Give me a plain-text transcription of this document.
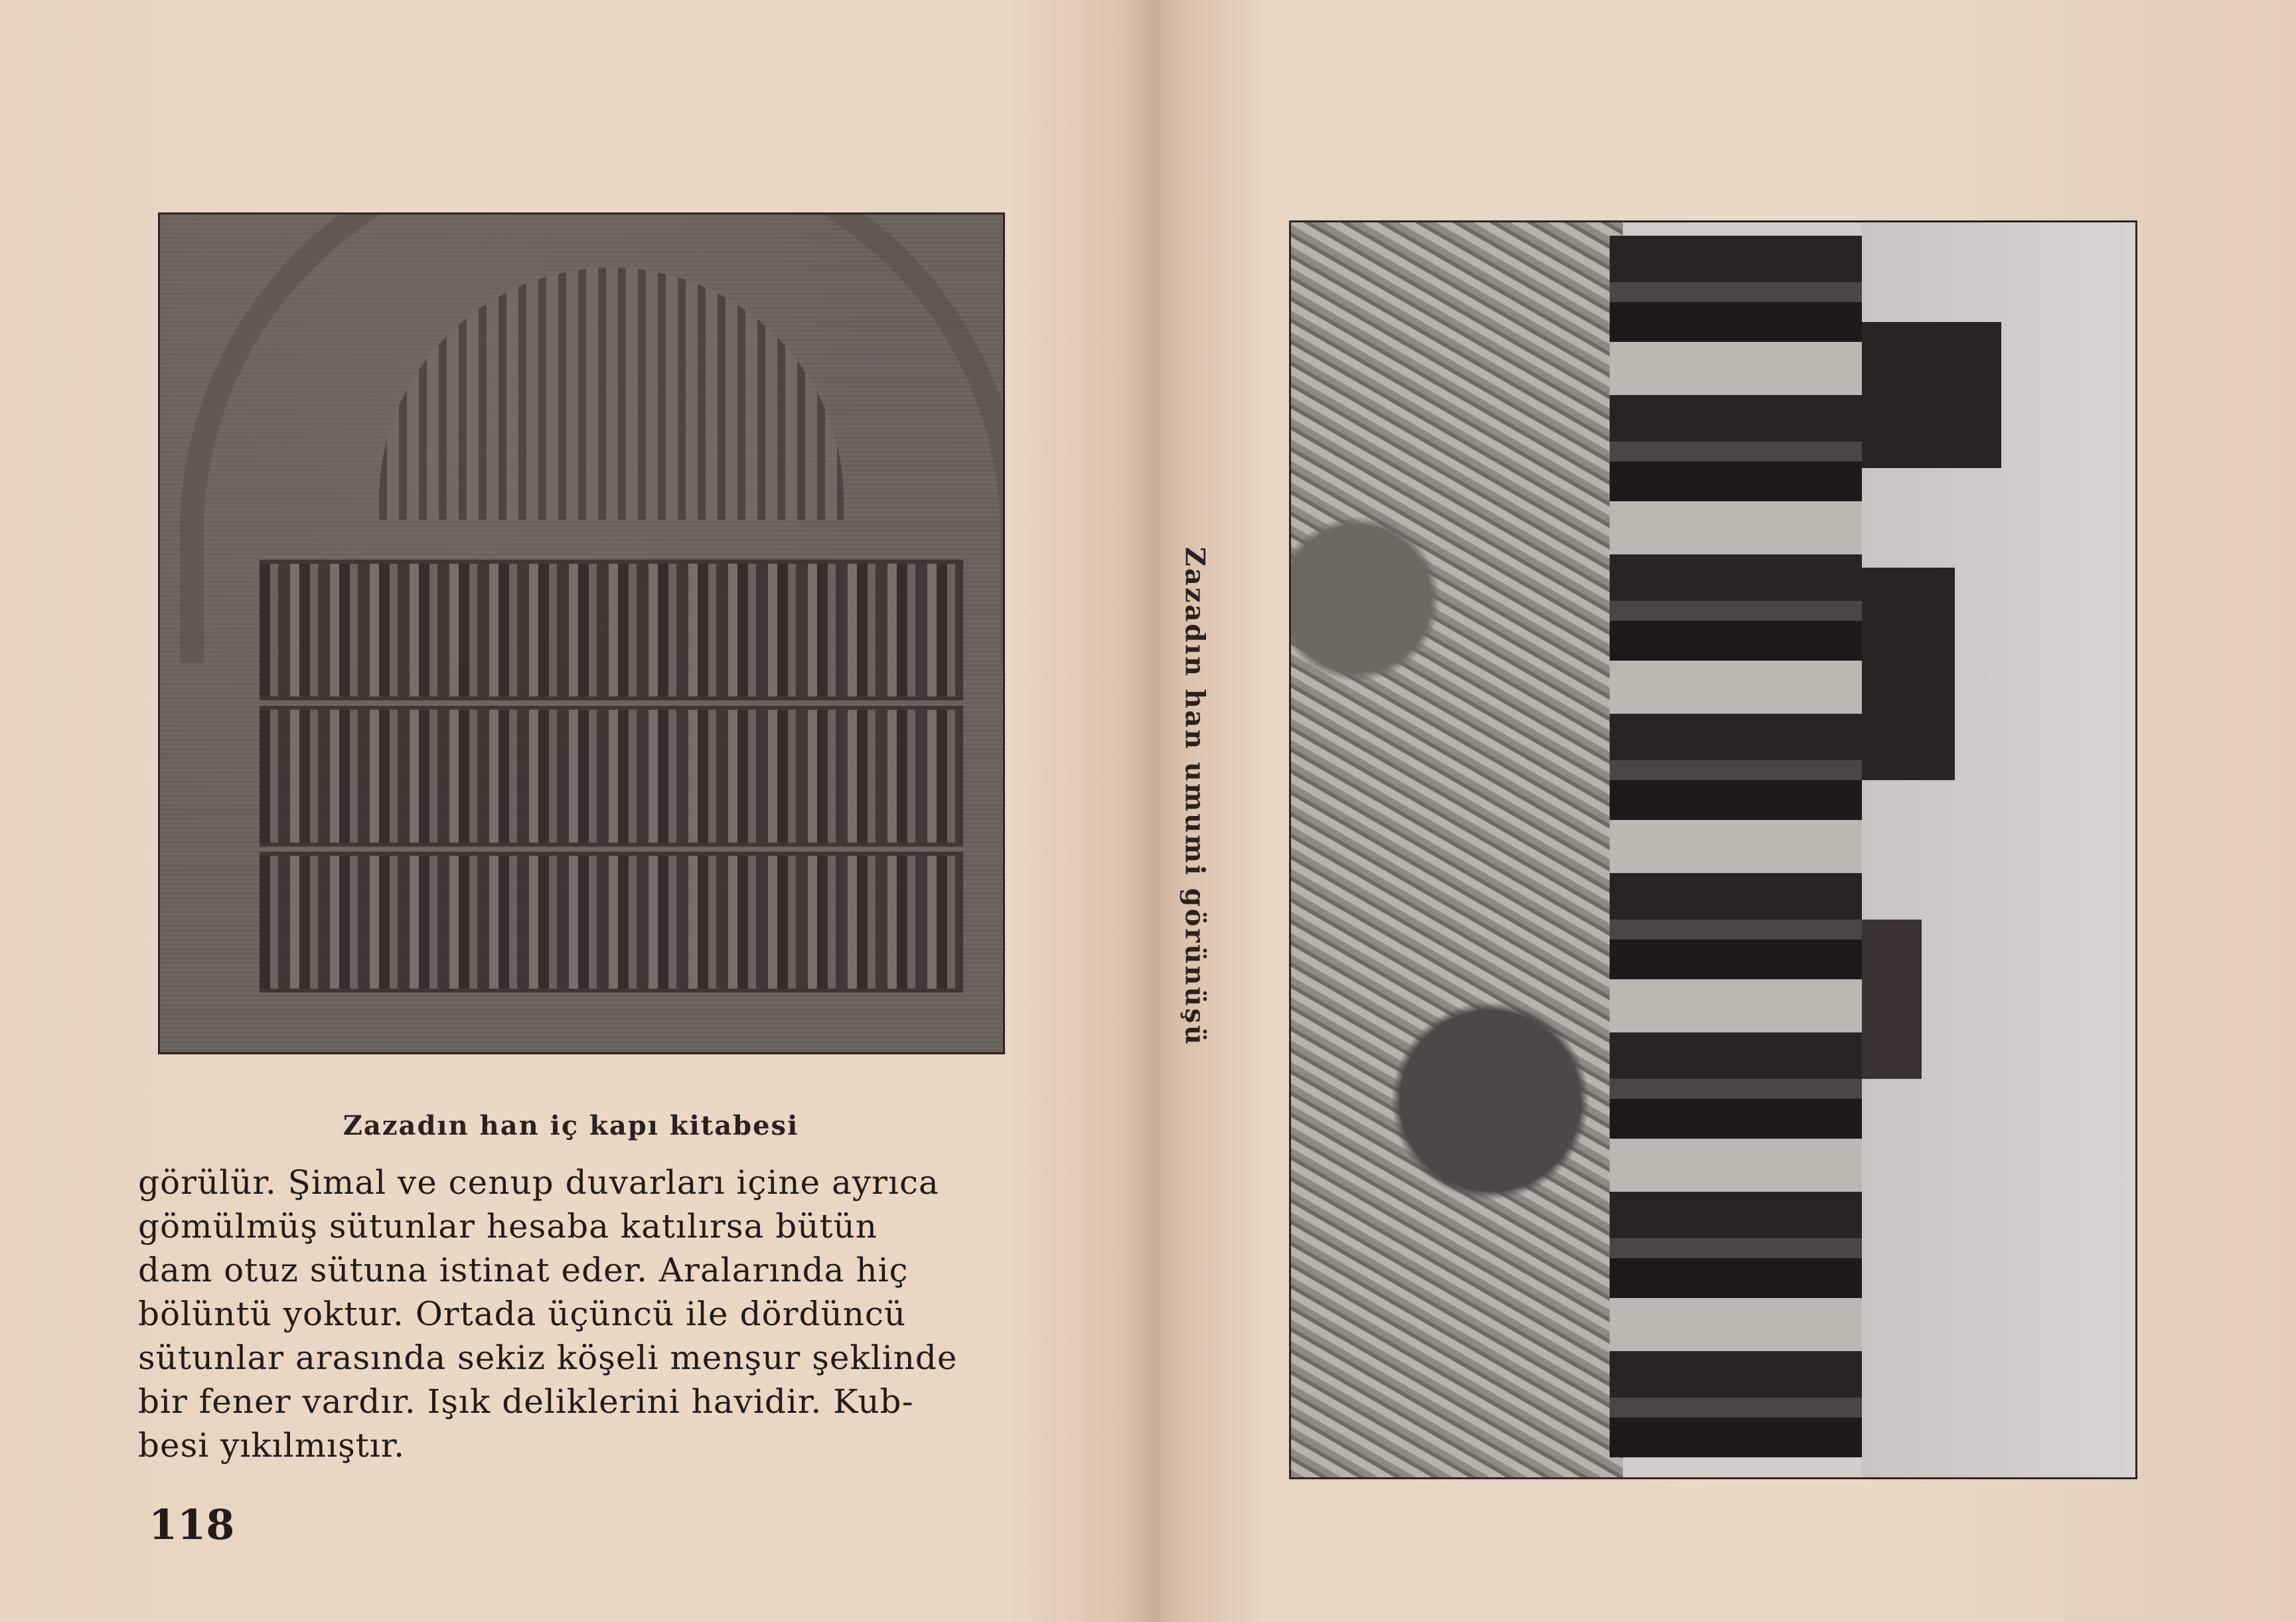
Zazadın han iç kapı kitabesi
görülür. Şimal ve cenup duvarları içine ayrıca
gömülmüş sütunlar hesaba katılırsa bütün
dam otuz sütuna istinat eder. Aralarında hiç
bölüntü yoktur. Ortada üçüncü ile dördüncü
sütunlar arasında sekiz köşeli menşur şeklinde
bir fener vardır. Işık deliklerini havidir. Kub-
besi yıkılmıştır.
118
Zazadın han umumi görünüşü
